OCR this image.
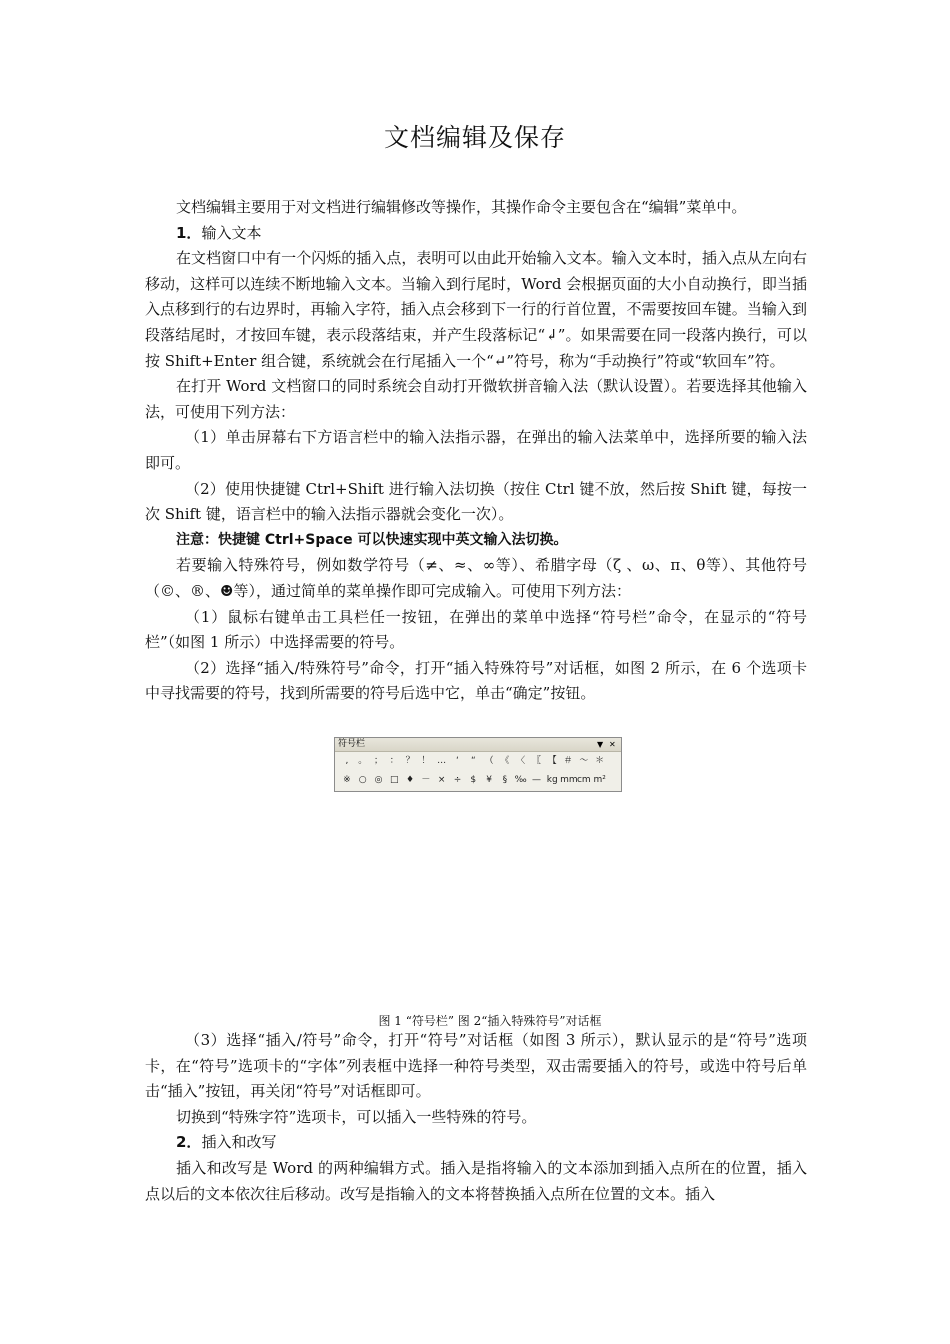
文档编辑及保存

文档编辑主要用于对文档进行编辑修改等操作，其操作命令主要包含在“编辑”菜单中。

1．输入文本

在文档窗口中有一个闪烁的插入点，表明可以由此开始输入文本。输入文本时，插入点从左向右移动，这样可以连续不断地输入文本。当输入到行尾时，Word 会根据页面的大小自动换行，即当插入点移到行的右边界时，再输入字符，插入点会移到下一行的行首位置，不需要按回车键。当输入到段落结尾时，才按回车键，表示段落结束，并产生段落标记“↲”。如果需要在同一段落内换行，可以按 Shift+Enter 组合键，系统就会在行尾插入一个“↵”符号，称为“手动换行”符或“软回车”符。

在打开 Word 文档窗口的同时系统会自动打开微软拼音输入法（默认设置）。若要选择其他输入法，可使用下列方法：

（1）单击屏幕右下方语言栏中的输入法指示器，在弹出的输入法菜单中，选择所要的输入法即可。

（2）使用快捷键 Ctrl+Shift 进行输入法切换（按住 Ctrl 键不放，然后按 Shift 键，每按一次 Shift 键，语言栏中的输入法指示器就会变化一次）。

注意：快捷键 Ctrl+Space 可以快速实现中英文输入法切换。

若要输入特殊符号，例如数学符号（≠、≈、∞等）、希腊字母（ζ 、ω、π、θ等）、其他符号（©、®、☻等），通过简单的菜单操作即可完成输入。可使用下列方法：

（1）鼠标右键单击工具栏任一按钮，在弹出的菜单中选择“符号栏”命令，在显示的“符号栏”（如图 1 所示）中选择需要的符号。

（2）选择“插入/特殊符号”命令，打开“插入特殊符号”对话框，如图 2 所示，在 6 个选项卡中寻找需要的符号，找到所需要的符号后选中它，单击“确定”按钮。

符号栏	▼ ✕
,	。 ； ： ？ ！ …	‘	“ （ 《 〈 〖 【 ＃ ～ ＊
※ ○ ◎ □ ♦ － × ÷	$	¥	§ ‰ — kg mm cm m²
图 1 “符号栏” 图 2“插入特殊符号”对话框

（3）选择“插入/符号”命令，打开“符号”对话框（如图 3 所示），默认显示的是“符号”选项卡，在“符号”选项卡的“字体”列表框中选择一种符号类型，双击需要插入的符号，或选中符号后单击“插入”按钮，再关闭“符号”对话框即可。

切换到“特殊字符”选项卡，可以插入一些特殊的符号。

2．插入和改写

插入和改写是 Word 的两种编辑方式。插入是指将输入的文本添加到插入点所在的位置，插入点以后的文本依次往后移动。改写是指输入的文本将替换插入点所在位置的文本。插入
